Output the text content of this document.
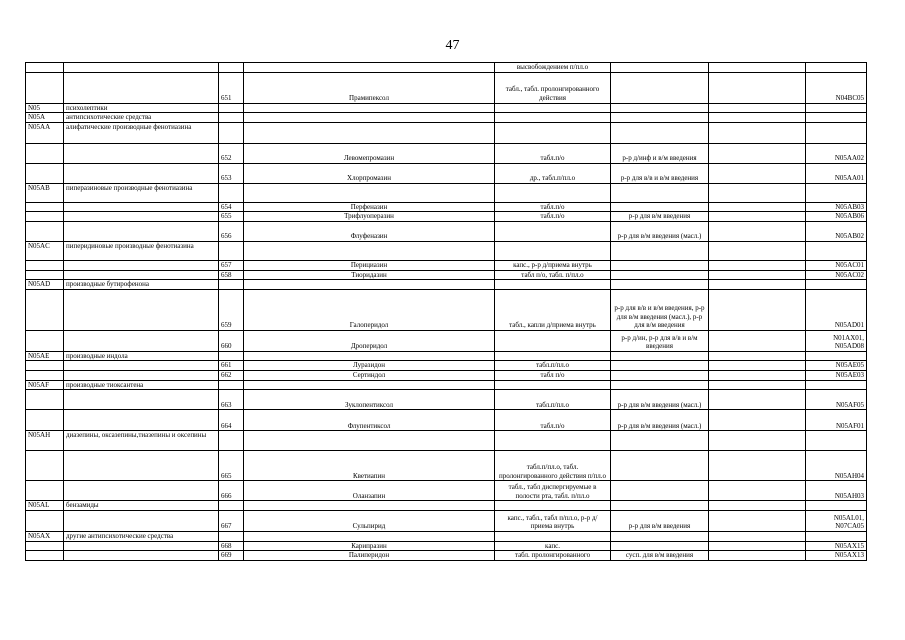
47
				высвобождением п/пл.о			
		651	Прамипексол	табл., табл. пролонгированного действия			N04BC05
N05	психолептики						
N05A	антипсихотические средства						
N05AA	алифатические производные фенотиазина						
		652	Левомепромазин	табл.п/о	р-р д/инф и в/м введения		N05AA02
		653	Хлорпромазин	др., табл.п/пл.о	р-р для в/в и в/м введения		N05AA01
N05AB	пиперазиновые производные фенотиазина						
		654	Перфеназин	табл.п/о			N05AB03
		655	Трифлуоперазин	табл.п/о	р-р для в/м введения		N05AB06
		656	Флуфеназин		р-р для в/м введения (масл.)		N05AB02
N05AC	пиперидиновые производные фенотиазина						
		657	Перициазин	капс., р-р д/приема внутрь			N05AC01
		658	Тиоридазин	табл п/о, табл. п/пл.о			N05AC02
N05AD	производные бутирофенона						
		659	Галоперидол	табл., капли д/приема внутрь	р-р для в/в и в/м введения, р-р для в/м введения (масл.), р-р для в/м введения		N05AD01
		660	Дроперидол		р-р д/ин, р-р для в/в и в/м введения		N01AX01, N05AD08
N05AE	производные индола						
		661	Луразидон	табл.п/пл.о			N05AE05
		662	Сертиндол	табл п/о			N05AE03
N05AF	производные тиоксантена						
		663	Зуклопентиксол	табл.п/пл.о	р-р для в/м введения (масл.)		N05AF05
		664	Флупентиксол	табл.п/о	р-р для в/м введения (масл.)		N05AF01
N05AH	диазепины, оксазепины,тиазепины и оксепины						
		665	Кветиапин	табл.п/пл.о, табл. пролонгированного действия п/пл.о			N05AH04
		666	Оланзапин	табл., табл диспергируемые в полости рта, табл. п/пл.о			N05AH03
N05AL	бензамиды						
		667	Сульпирид	капс., табл., табл п/пл.о, р-р д/приема внутрь	р-р для в/м введения		N05AL01, N07CA05
N05AX	другие антипсихотические средства						
		668	Карипразин	капс.			N05AX15
		669	Палиперидон	табл. пролонгированного	сусп. для в/м введения		N05AX13
